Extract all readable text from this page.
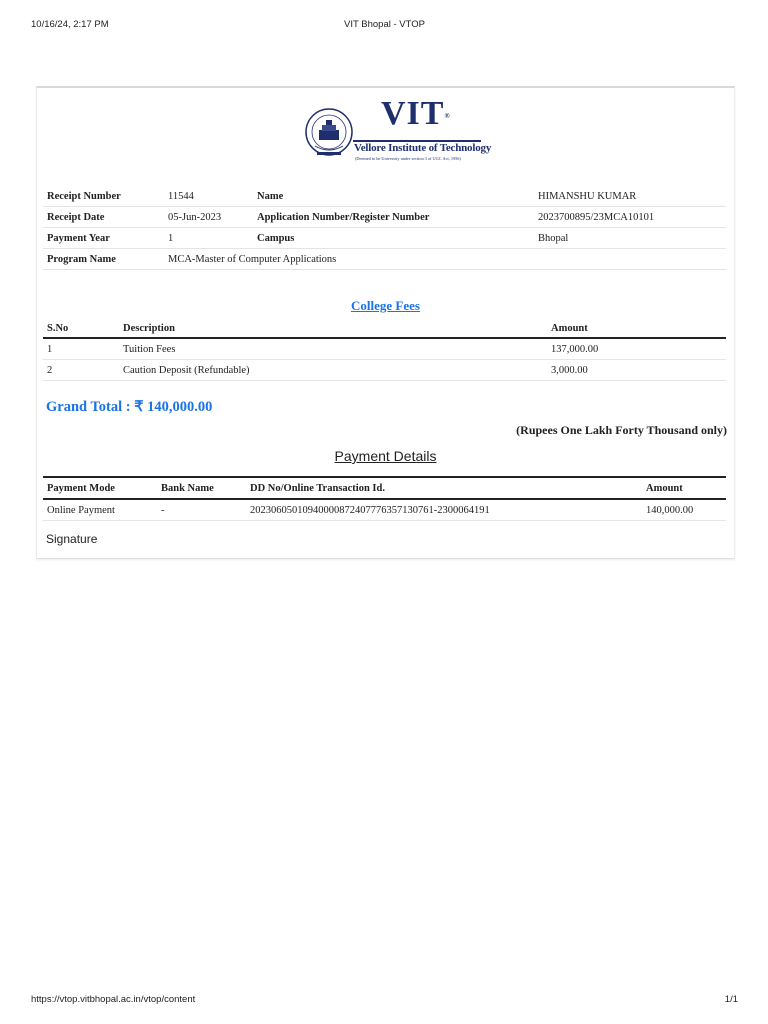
10/16/24, 2:17 PM	VIT Bhopal - VTOP
VIT®
Vellore Institute of Technology
(Deemed to be University under section 3 of UGC Act, 1956)
Receipt Number	11544	Name	HIMANSHU KUMAR
Receipt Date	05-Jun-2023	Application Number/Register Number	2023700895/23MCA10101
Payment Year	1	Campus	Bhopal
Program Name	MCA-Master of Computer Applications		
College Fees
S.No	Description	Amount
1	Tuition Fees	137,000.00
2	Caution Deposit (Refundable)	3,000.00
Grand Total : ₹ 140,000.00
(Rupees One Lakh Forty Thousand only)
Payment Details
Payment Mode	Bank Name	DD No/Online Transaction Id.	Amount
Online Payment	-	202306050109400008724077763571307​61-2300064191	140,000.00
Signature
https://vtop.vitbhopal.ac.in/vtop/content	1/1
